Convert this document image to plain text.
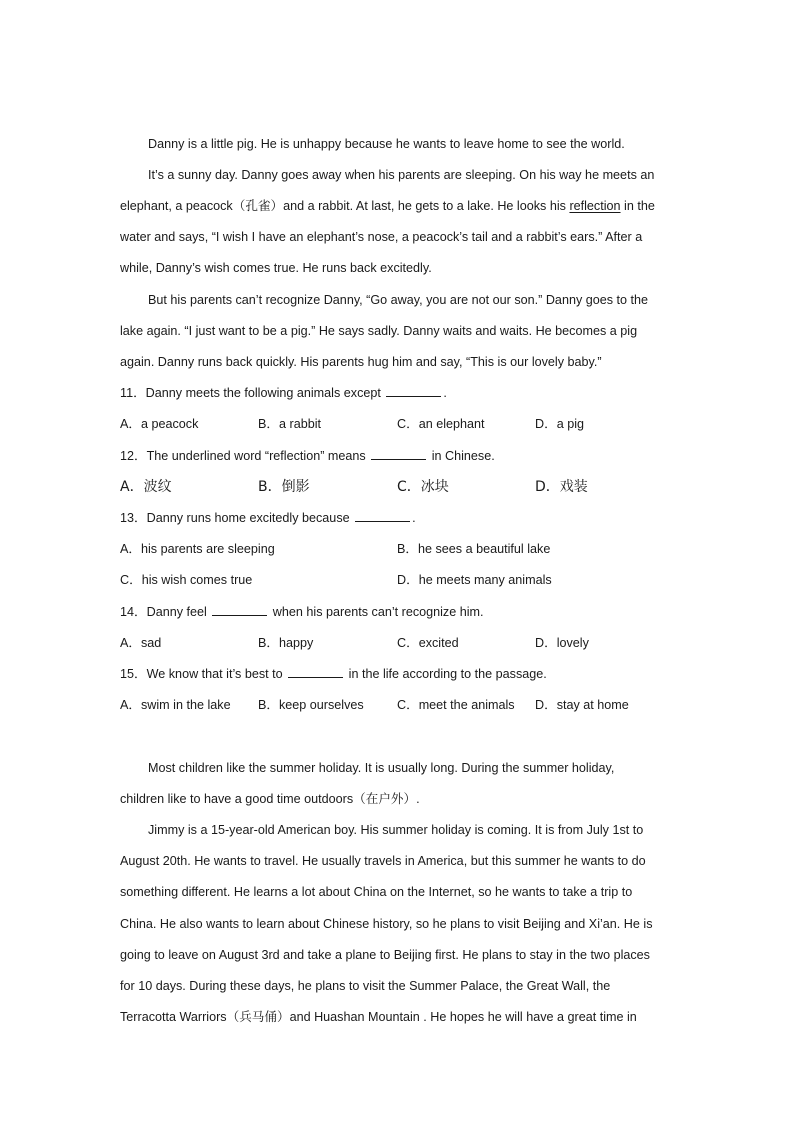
Danny is a little pig. He is unhappy because he wants to leave home to see the world.
It’s a sunny day. Danny goes away when his parents are sleeping. On his way he meets an
elephant, a peacock（孔雀）and a rabbit. At last, he gets to a lake. He looks his reflection in the
water and says, “I wish I have an elephant’s nose, a peacock’s tail and a rabbit’s ears.” After a
while, Danny’s wish comes true. He runs back excitedly.
But his parents can’t recognize Danny, “Go away, you are not our son.” Danny goes to the
lake again. “I just want to be a pig.” He says sadly. Danny waits and waits. He becomes a pig
again. Danny runs back quickly. His parents hug him and say, “This is our lovely baby.”
11．Danny meets the following animals except	.
A．a peacock	B．a rabbit	C．an elephant	D．a pig
12．The underlined word “reflection” means	in Chinese.
A．波纹	B．倒影	C．冰块	D．戏装
13．Danny runs home excitedly because	.
A．his parents are sleeping	B．he sees a beautiful lake
C．his wish comes true	D．he meets many animals
14．Danny feel	when his parents can’t recognize him.
A．sad	B．happy	C．excited	D．lovely
15．We know that it’s best to	in the life according to the passage.
A．swim in the lake B．keep ourselves	C．meet the animals D．stay at home
Most children like the summer holiday. It is usually long. During the summer holiday,
children like to have a good time outdoors（在户外）.
Jimmy is a 15-year-old American boy. His summer holiday is coming. It is from July 1st to
August 20th. He wants to travel. He usually travels in America, but this summer he wants to do
something different. He learns a lot about China on the Internet, so he wants to take a trip to
China. He also wants to learn about Chinese history, so he plans to visit Beijing and Xi’an. He is
going to leave on August 3rd and take a plane to Beijing first. He plans to stay in the two places
for 10 days. During these days, he plans to visit the Summer Palace, the Great Wall, the
Terracotta Warriors（兵马俑）and Huashan Mountain . He hopes he will have a great time in
